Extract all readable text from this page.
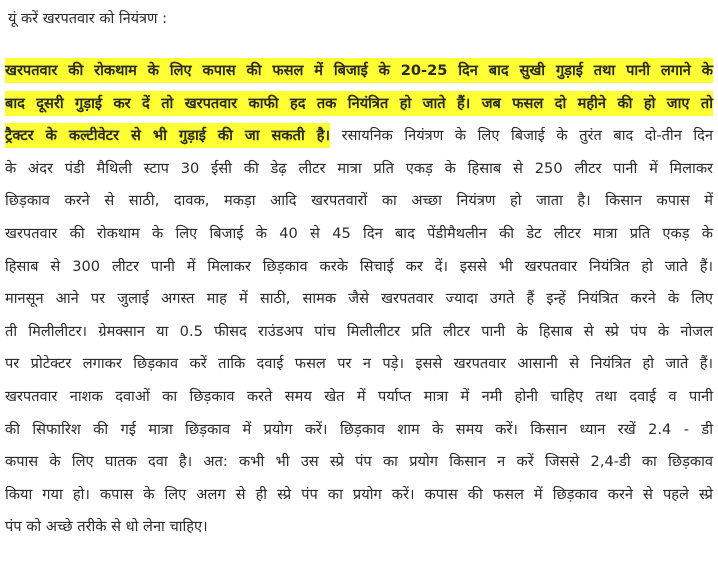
यूं करें खरपतवार को नियंत्रण :
खरपतवार की रोकथाम के लिए कपास की फसल में बिजाई के 20-25 दिन बाद सुखी गुड़ाई तथा पानी लगाने के
बाद दूसरी गुड़ाई कर दें तो खरपतवार काफी हद तक नियंत्रित हो जाते हैं। जब फसल दो महीने की हो जाए तो
ट्रैक्टर के कल्टीवेटर से भी गुड़ाई की जा सकती है। रसायनिक नियंत्रण के लिए बिजाई के तुरंत बाद दो-तीन दिन
के अंदर पंडी मैथिली स्टाप 30 ईसी की डेढ़ लीटर मात्रा प्रति एकड़ के हिसाब से 250 लीटर पानी में मिलाकर
छिड़काव करने से साठी, दावक, मकड़ा आदि खरपतवारों का अच्छा नियंत्रण हो जाता है। किसान कपास में
खरपतवार की रोकथाम के लिए बिजाई के 40 से 45 दिन बाद पेंडीमैथलीन की डेट लीटर मात्रा प्रति एकड़ के
हिसाब से 300 लीटर पानी में मिलाकर छिड़काव करके सिचाई कर दें। इससे भी खरपतवार नियंत्रित हो जाते हैं।
मानसून आने पर जुलाई अगस्त माह में साठी, सामक जैसे खरपतवार ज्यादा उगते हैं इन्हें नियंत्रित करने के लिए
ती मिलीलीटर। ग्रेमक्सान या 0.5 फीसद राउंडअप पांच मिलीलीटर प्रति लीटर पानी के हिसाब से स्प्रे पंप के नोजल
पर प्रोटेक्टर लगाकर छिड़काव करें ताकि दवाई फसल पर न पड़े। इससे खरपतवार आसानी से नियंत्रित हो जाते हैं।
खरपतवार नाशक दवाओं का छिड़काव करते समय खेत में पर्याप्त मात्रा में नमी होनी चाहिए तथा दवाई व पानी
की सिफारिश की गई मात्रा छिड़काव में प्रयोग करें। छिड़काव शाम के समय करें। किसान ध्यान रखें 2.4 - डी
कपास के लिए घातक दवा है। अत: कभी भी उस स्प्रे पंप का प्रयोग किसान न करें जिससे 2,4-डी का छिड़काव
किया गया हो। कपास के लिए अलग से ही स्प्रे पंप का प्रयोग करें। कपास की फसल में छिड़काव करने से पहले स्प्रे
पंप को अच्छे तरीके से धो लेना चाहिए।
